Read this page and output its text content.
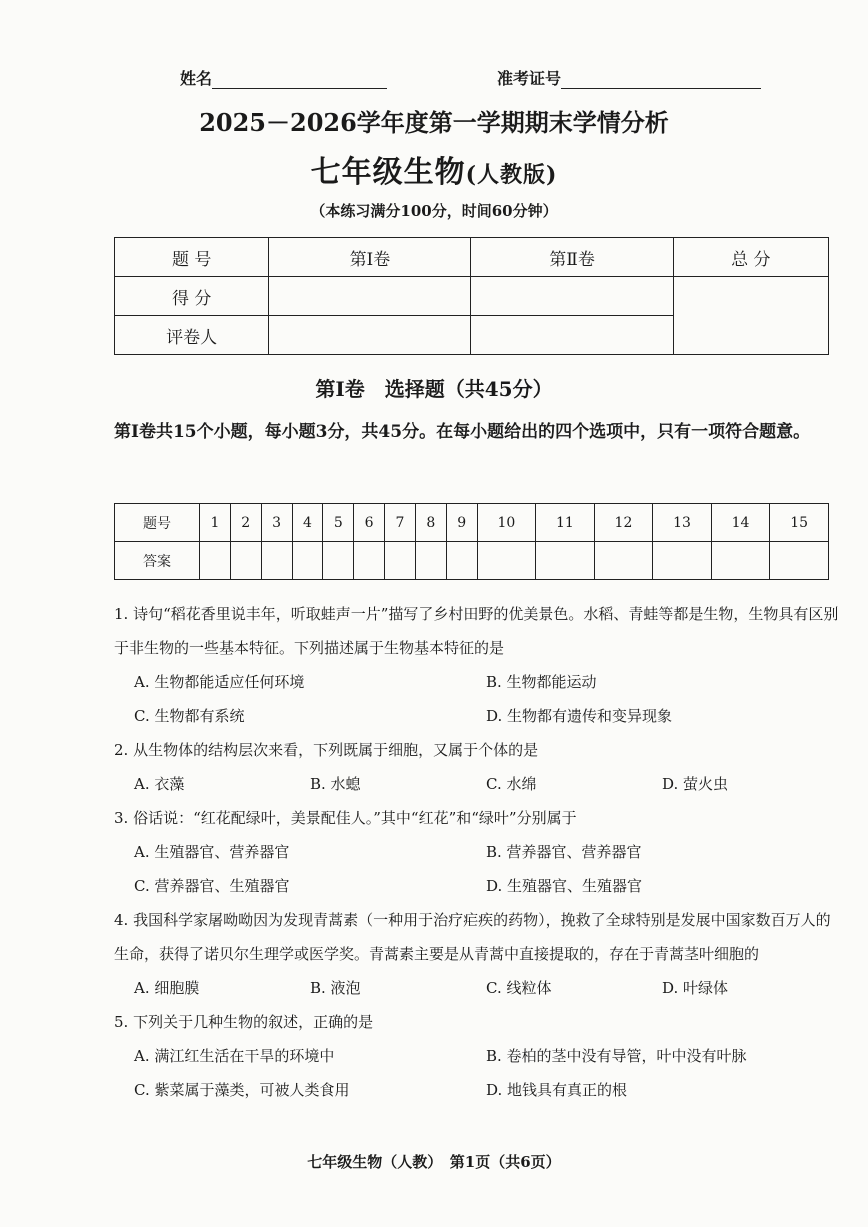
姓名	准考证号
2025－2026学年度第一学期期末学情分析
七年级生物(人教版)
（本练习满分100分，时间60分钟）
题 号	第Ⅰ卷	第Ⅱ卷	总 分
得 分			
评卷人			
第Ⅰ卷　选择题（共45分）
第Ⅰ卷共15个小题，每小题3分，共45分。在每小题给出的四个选项中，只有一项符合题意。
题号	1	2	3	4	5	6	7	8	9	10	11	12	13	14	15
答案															
1. 诗句“稻花香里说丰年，听取蛙声一片”描写了乡村田野的优美景色。水稻、青蛙等都是生物，生物具有区别于非生物的一些基本特征。下列描述属于生物基本特征的是
A. 生物都能适应任何环境	B. 生物都能运动
C. 生物都有系统	D. 生物都有遗传和变异现象
2. 从生物体的结构层次来看，下列既属于细胞，又属于个体的是
A. 衣藻	B. 水螅	C. 水绵	D. 萤火虫
3. 俗话说：“红花配绿叶，美景配佳人。”其中“红花”和“绿叶”分别属于
A. 生殖器官、营养器官	B. 营养器官、营养器官
C. 营养器官、生殖器官	D. 生殖器官、生殖器官
4. 我国科学家屠呦呦因为发现青蒿素（一种用于治疗疟疾的药物），挽救了全球特别是发展中国家数百万人的生命，获得了诺贝尔生理学或医学奖。青蒿素主要是从青蒿中直接提取的，存在于青蒿茎叶细胞的
A. 细胞膜	B. 液泡	C. 线粒体	D. 叶绿体
5. 下列关于几种生物的叙述，正确的是
A. 满江红生活在干旱的环境中	B. 卷柏的茎中没有导管，叶中没有叶脉
C. 紫菜属于藻类，可被人类食用	D. 地钱具有真正的根
七年级生物（人教）　第1页（共6页）
